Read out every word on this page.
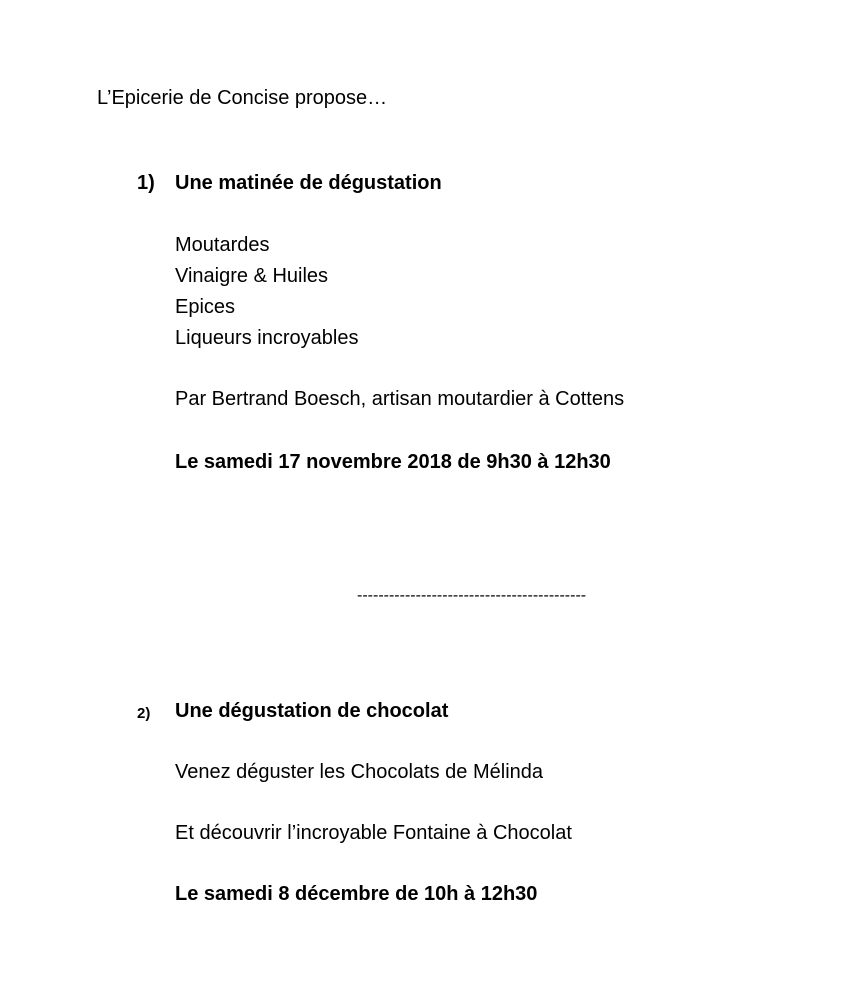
L’Epicerie de Concise propose…

1) Une matinée de dégustation

Moutardes

Vinaigre & Huiles

Epices

Liqueurs incroyables

Par Bertrand Boesch, artisan moutardier à Cottens

Le samedi 17 novembre 2018 de 9h30 à 12h30

-------------------------------------------

2) Une dégustation de chocolat

Venez déguster les Chocolats de Mélinda

Et découvrir l’incroyable Fontaine à Chocolat

Le samedi 8 décembre de 10h à 12h30
